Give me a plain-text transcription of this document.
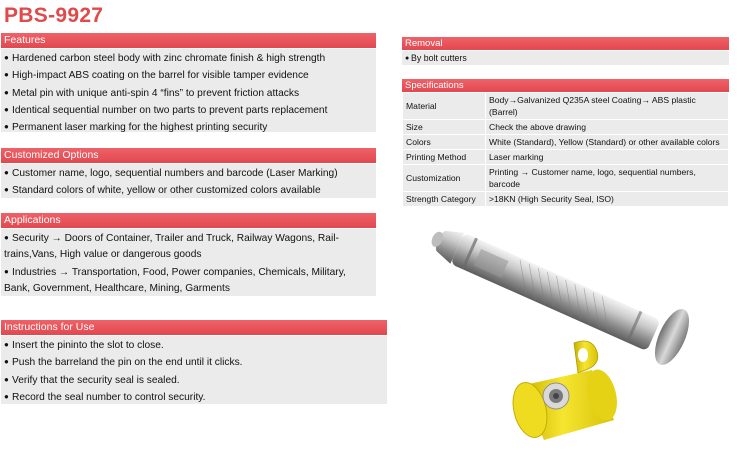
PBS-9927
Features
● Hardened carbon steel body with zinc chromate finish & high strength
● High-impact ABS coating on the barrel for visible tamper evidence
● Metal pin with unique anti-spin 4 “fins” to prevent friction attacks
● Identical sequential number on two parts to prevent parts replacement
● Permanent laser marking for the highest printing security
Customized Options
● Customer name, logo, sequential numbers and barcode (Laser Marking)
● Standard colors of white, yellow or other customized colors available
Applications
● Security → Doors of Container, Trailer and Truck, Railway Wagons, Rail-trains,Vans, High value or dangerous goods
● Industries → Transportation, Food, Power companies, Chemicals, Military, Bank, Government, Healthcare, Mining, Garments
Instructions for Use
● Insert the pininto the slot to close.
● Push the barreland the pin on the end until it clicks.
● Verify that the security seal is sealed.
● Record the seal number to control security.
Removal
● By bolt cutters
Specifications
Material	Body→Galvanized Q235A steel Coating→ ABS plastic (Barrel)
Size	Check the above drawing
Colors	White (Standard), Yellow (Standard) or other available colors
Printing Method	Laser marking
Customization	Printing → Customer name, logo, sequential numbers, barcode
Strength Category	>18KN (High Security Seal, ISO)
